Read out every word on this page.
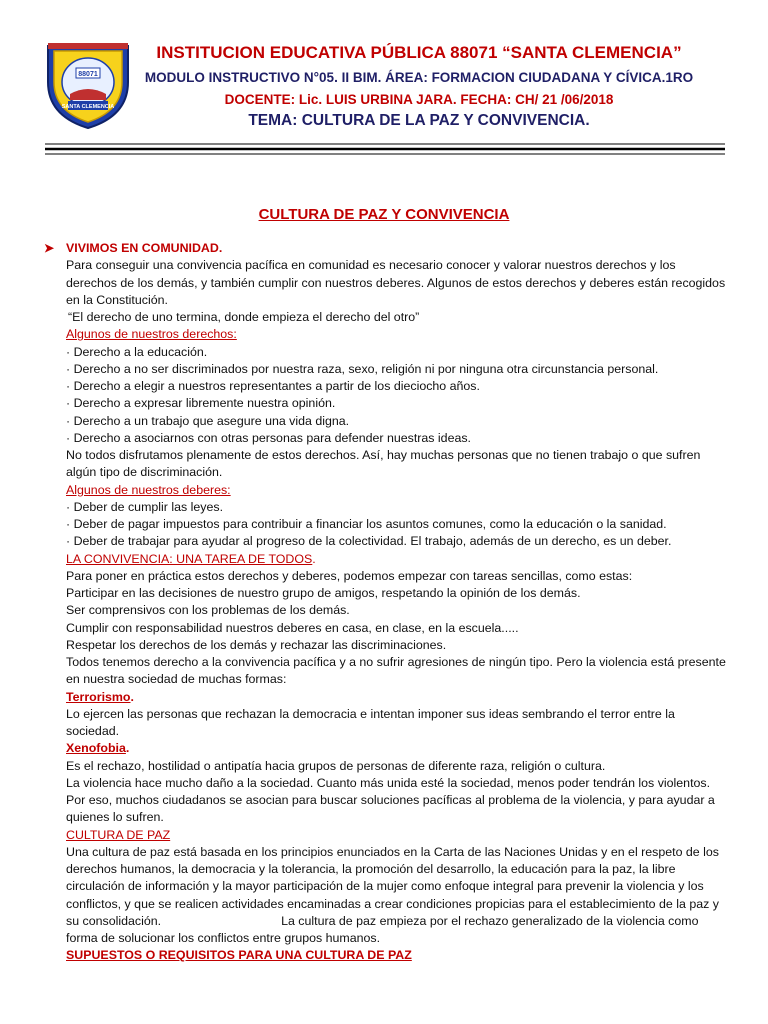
88071
SANTA CLEMENCIA
INSTITUCION EDUCATIVA PÚBLICA 88071 “SANTA CLEMENCIA”
MODULO INSTRUCTIVO N°05. II BIM. ÁREA: FORMACION CIUDADANA Y CÍVICA.1RO
DOCENTE: Lic. LUIS URBINA JARA. FECHA: CH/ 21 /06/2018
TEMA: CULTURA DE LA PAZ Y CONVIVENCIA.
CULTURA DE PAZ Y CONVIVENCIA

➤ VIVIMOS EN COMUNIDAD.

Para conseguir una convivencia pacífica en comunidad es necesario conocer y valorar nuestros derechos y los derechos de los demás, y también cumplir con nuestros deberes. Algunos de estos derechos y deberes están recogidos en la Constitución.

“El derecho de uno termina, donde empieza el derecho del otro”

Algunos de nuestros derechos:

· Derecho a la educación.

· Derecho a no ser discriminados por nuestra raza, sexo, religión ni por ninguna otra circunstancia personal.

· Derecho a elegir a nuestros representantes a partir de los dieciocho años.

· Derecho a expresar libremente nuestra opinión.

· Derecho a un trabajo que asegure una vida digna.

· Derecho a asociarnos con otras personas para defender nuestras ideas.

No todos disfrutamos plenamente de estos derechos. Así, hay muchas personas que no tienen trabajo o que sufren algún tipo de discriminación.

Algunos de nuestros deberes:

· Deber de cumplir las leyes.

· Deber de pagar impuestos para contribuir a financiar los asuntos comunes, como la educación o la sanidad.

· Deber de trabajar para ayudar al progreso de la colectividad. El trabajo, además de un derecho, es un deber.

LA CONVIVENCIA: UNA TAREA DE TODOS.

Para poner en práctica estos derechos y deberes, podemos empezar con tareas sencillas, como estas:

Participar en las decisiones de nuestro grupo de amigos, respetando la opinión de los demás.

Ser comprensivos con los problemas de los demás.

Cumplir con responsabilidad nuestros deberes en casa, en clase, en la escuela.....

Respetar los derechos de los demás y rechazar las discriminaciones.

Todos tenemos derecho a la convivencia pacífica y a no sufrir agresiones de ningún tipo. Pero la violencia está presente en nuestra sociedad de muchas formas:

Terrorismo.

Lo ejercen las personas que rechazan la democracia e intentan imponer sus ideas sembrando el terror entre la sociedad.

Xenofobia.

Es el rechazo, hostilidad o antipatía hacia grupos de personas de diferente raza, religión o cultura.

La violencia hace mucho daño a la sociedad. Cuanto más unida esté la sociedad, menos poder tendrán los violentos.

Por eso, muchos ciudadanos se asocian para buscar soluciones pacíficas al problema de la violencia, y para ayudar a quienes lo sufren.

CULTURA DE PAZ

Una cultura de paz está basada en los principios enunciados en la Carta de las Naciones Unidas y en el respeto de los derechos humanos, la democracia y la tolerancia, la promoción del desarrollo, la educación para la paz, la libre circulación de información y la mayor participación de la mujer como enfoque integral para prevenir la violencia y los conflictos, y que se realicen actividades encaminadas a crear condiciones propicias para el establecimiento de la paz y su consolidación.	La cultura de paz empieza por el rechazo generalizado de la violencia como forma de solucionar los conflictos entre grupos humanos.

SUPUESTOS O REQUISITOS PARA UNA CULTURA DE PAZ
